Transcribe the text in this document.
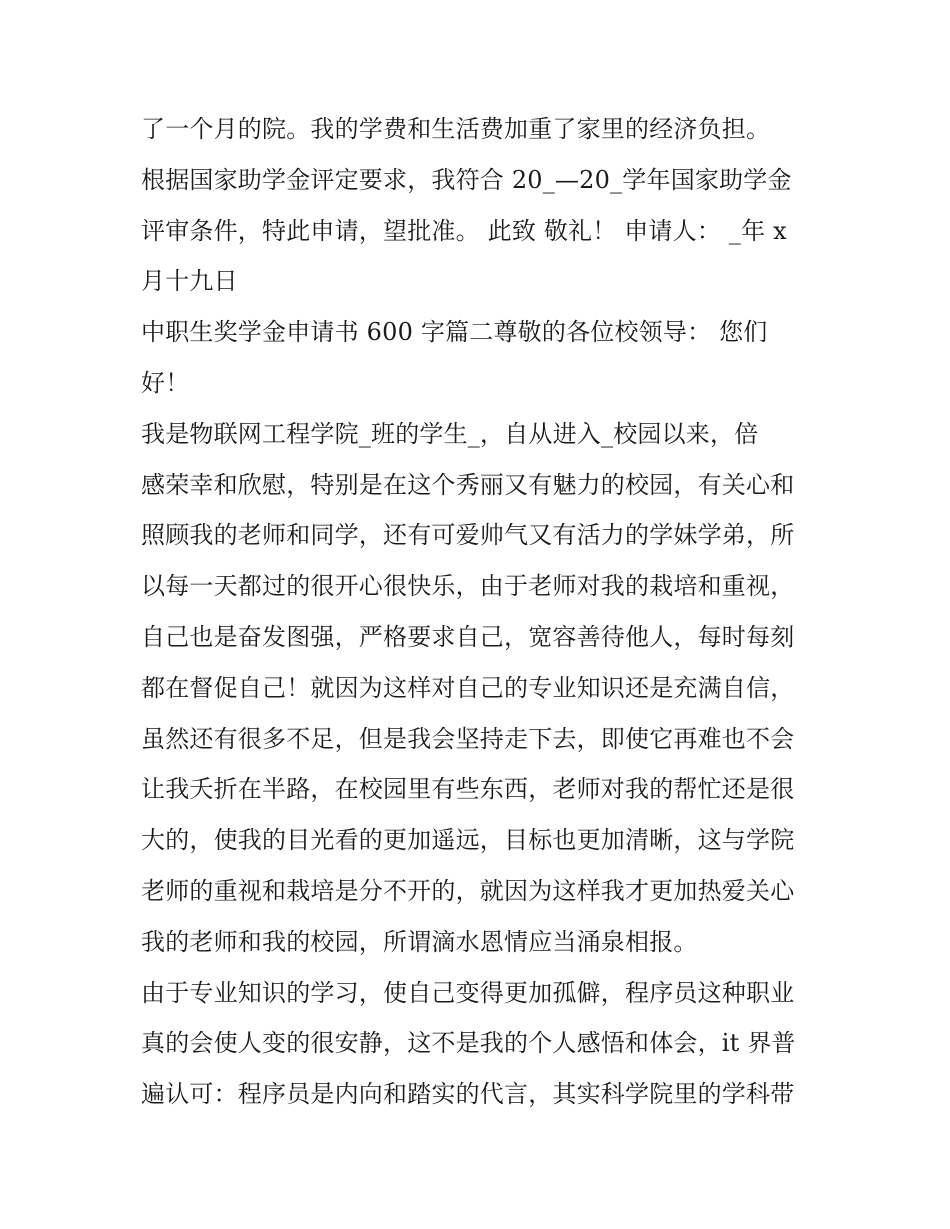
了一个月的院。我的学费和生活费加重了家里的经济负担。
根据国家助学金评定要求，我符合 20_—20_学年国家助学金
评审条件，特此申请，望批准。 此致 敬礼！ 申请人： _年 x
月十九日
中职生奖学金申请书 600 字篇二尊敬的各位校领导： 您们
好！
我是物联网工程学院_班的学生_，自从进入_校园以来，倍
感荣幸和欣慰，特别是在这个秀丽又有魅力的校园，有关心和
照顾我的老师和同学，还有可爱帅气又有活力的学妹学弟，所
以每一天都过的很开心很快乐，由于老师对我的栽培和重视，
自己也是奋发图强，严格要求自己，宽容善待他人，每时每刻
都在督促自己！就因为这样对自己的专业知识还是充满自信，
虽然还有很多不足，但是我会坚持走下去，即使它再难也不会
让我夭折在半路，在校园里有些东西，老师对我的帮忙还是很
大的，使我的目光看的更加遥远，目标也更加清晰，这与学院
老师的重视和栽培是分不开的，就因为这样我才更加热爱关心
我的老师和我的校园，所谓滴水恩情应当涌泉相报。
由于专业知识的学习，使自己变得更加孤僻，程序员这种职业
真的会使人变的很安静，这不是我的个人感悟和体会，it 界普
遍认可：程序员是内向和踏实的代言，其实科学院里的学科带
